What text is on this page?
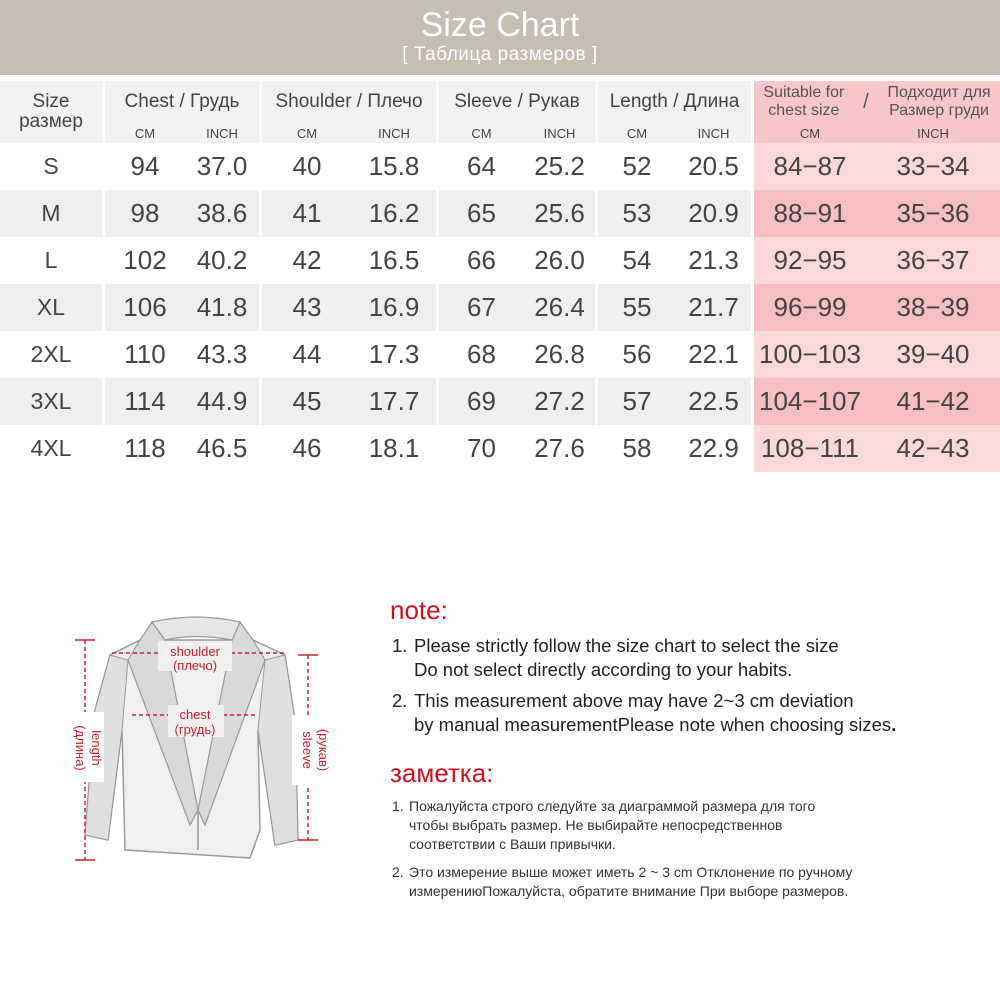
Size Chart
[ Таблица размеров ]
Size
размер	Chest / Грудь		Shoulder / Плечо		Sleeve / Рукав		Length / Длина		Suitable for
chest size / Подходит для
Размер груди	

	CM	INCH	CM	INCH	CM	INCH	CM	INCH	CM	INCH
S	94	37.0	40	15.8	64	25.2	52	20.5	84−87	33−34
M	98	38.6	41	16.2	65	25.6	53	20.9	88−91	35−36
L	102	40.2	42	16.5	66	26.0	54	21.3	92−95	36−37
XL	106	41.8	43	16.9	67	26.4	55	21.7	96−99	38−39
2XL	110	43.3	44	17.3	68	26.8	56	22.1	100−103	39−40
3XL	114	44.9	45	17.7	69	27.2	57	22.5	104−107	41−42
4XL	118	46.5	46	18.1	70	27.6	58	22.9	108−111	42−43
shoulder
(плечо)
chest
(грудь)
length
(длина)	sleeve (рукав)
note:
1. Please strictly follow the size chart to select the size
Do not select directly according to your habits.
2. This measurement above may have 2~3 cm deviation
by manual measurementPlease note when choosing sizes.
заметка:
1. Пожалуйста строго следуйте за диаграммой размера для того
чтобы выбрать размер. Не выбирайте непосредственнов
соответствии с Ваши привычки.
2. Это измерение выше может иметь 2 ~ 3 cm Отклонение по ручному
измерениюПожалуйста, обратите внимание При выборе размеров.
